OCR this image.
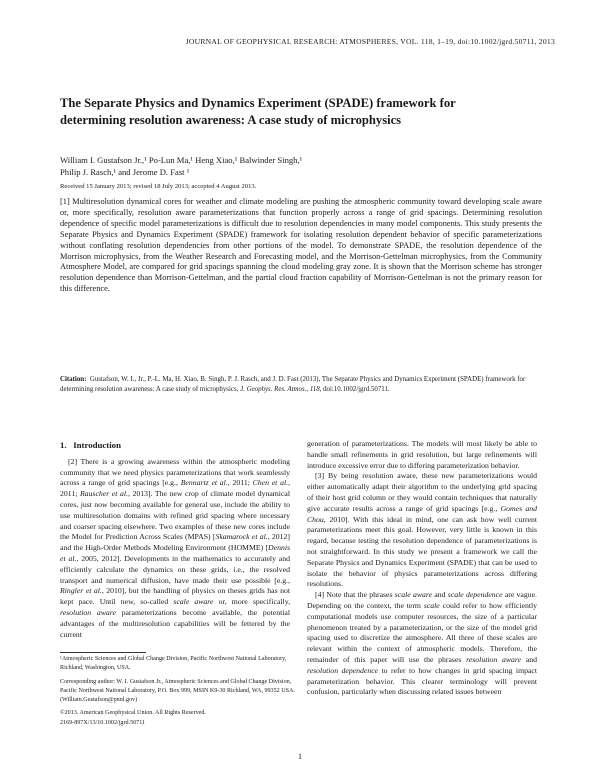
JOURNAL OF GEOPHYSICAL RESEARCH: ATMOSPHERES, VOL. 118, 1–19, doi:10.1002/jgrd.50711, 2013
The Separate Physics and Dynamics Experiment (SPADE) framework for determining resolution awareness: A case study of microphysics
William I. Gustafson Jr.,¹ Po-Lun Ma,¹ Heng Xiao,¹ Balwinder Singh,¹
Philip J. Rasch,¹ and Jerome D. Fast ¹
Received 15 January 2013; revised 18 July 2013; accepted 4 August 2013.
[1] Multiresolution dynamical cores for weather and climate modeling are pushing the atmospheric community toward developing scale aware or, more specifically, resolution aware parameterizations that function properly across a range of grid spacings. Determining resolution dependence of specific model parameterizations is difficult due to resolution dependencies in many model components. This study presents the Separate Physics and Dynamics Experiment (SPADE) framework for isolating resolution dependent behavior of specific parameterizations without conflating resolution dependencies from other portions of the model. To demonstrate SPADE, the resolution dependence of the Morrison microphysics, from the Weather Research and Forecasting model, and the Morrison-Gettelman microphysics, from the Community Atmosphere Model, are compared for grid spacings spanning the cloud modeling gray zone. It is shown that the Morrison scheme has stronger resolution dependence than Morrison-Gettelman, and the partial cloud fraction capability of Morrison-Gettelman is not the primary reason for this difference.
Citation: Gustafson, W. I., Jr., P.-L. Ma, H. Xiao, B. Singh, P. J. Rasch, and J. D. Fast (2013), The Separate Physics and Dynamics Experiment (SPADE) framework for determining resolution awareness: A case study of microphysics, J. Geophys. Res. Atmos., 118, doi:10.1002/jgrd.50711.
1. Introduction

[2] There is a growing awareness within the atmospheric modeling community that we need physics parameterizations that work seamlessly across a range of grid spacings [e.g., Bennartz et al., 2011; Chen et al., 2011; Rauscher et al., 2013]. The new crop of climate model dynamical cores, just now becoming available for general use, include the ability to use multiresolution domains with refined grid spacing where necessary and coarser spacing elsewhere. Two examples of these new cores include the Model for Prediction Across Scales (MPAS) [Skamarock et al., 2012] and the High-Order Methods Modeling Environment (HOMME) [Dennis et al., 2005, 2012]. Developments in the mathematics to accurately and efficiently calculate the dynamics on these grids, i.e., the resolved transport and numerical diffusion, have made their use possible [e.g., Ringler et al., 2010], but the handling of physics on theses grids has not kept pace. Until new, so-called scale aware or, more specifically, resolution aware parameterizations become available, the potential advantages of the multiresolution capabilities will be fettered by the current

generation of parameterizations. The models will most likely be able to handle small refinements in grid resolution, but large refinements will introduce excessive error due to differing parameterization behavior.

[3] By being resolution aware, these new parameterizations would either automatically adapt their algorithm to the underlying grid spacing of their host grid column or they would contain techniques that naturally give accurate results across a range of grid spacings [e.g., Gomes and Chou, 2010]. With this ideal in mind, one can ask how well current parameterizations meet this goal. However, very little is known in this regard, because testing the resolution dependence of parameterizations is not straightforward. In this study we present a framework we call the Separate Physics and Dynamics Experiment (SPADE) that can be used to isolate the behavior of physics parameterizations across differing resolutions.

[4] Note that the phrases scale aware and scale dependence are vague. Depending on the context, the term scale could refer to how efficiently computational models use computer resources, the size of a particular phenomenon treated by a parameterization, or the size of the model grid spacing used to discretize the atmosphere. All three of these scales are relevant within the context of atmospheric models. Therefore, the remainder of this paper will use the phrases resolution aware and resolution dependence to refer to how changes in grid spacing impact parameterization behavior. This clearer terminology will prevent confusion, particularly when discussing related issues between

¹Atmospheric Sciences and Global Change Division, Pacific Northwest National Laboratory, Richland, Washington, USA.

Corresponding author: W. I. Gustafson Jr., Atmospheric Sciences and Global Change Division, Pacific Northwest National Laboratory, P.O. Box 999, MSIN K9-30 Richland, WA, 99352 USA. (William.Gustafson@pnnl.gov)

©2013. American Geophysical Union. All Rights Reserved.

2169-897X/13/10.1002/jgrd.50711

1
